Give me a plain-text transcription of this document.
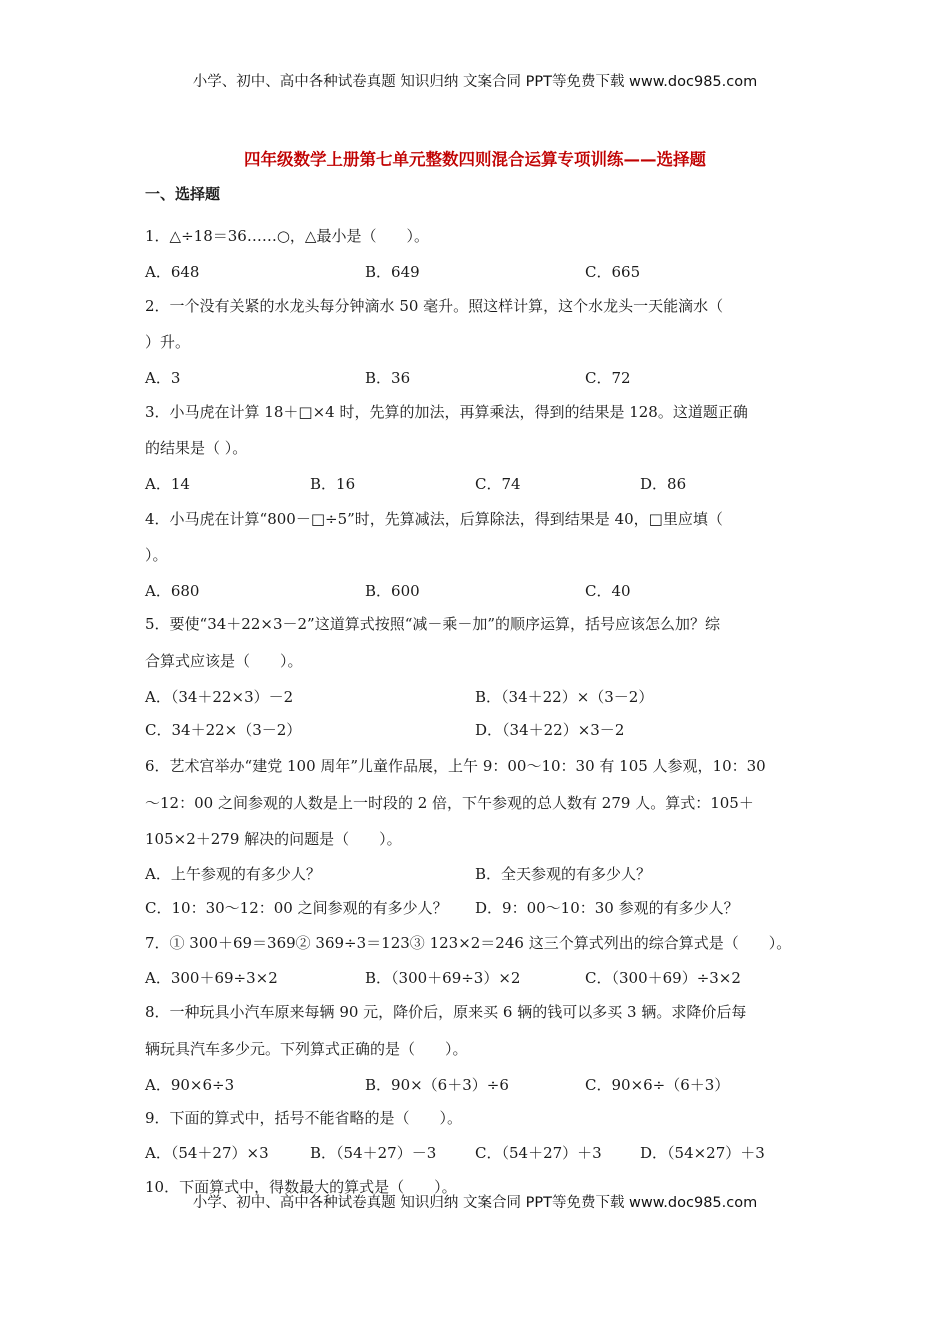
小学、初中、高中各种试卷真题 知识归纳 文案合同 PPT等免费下载 www.doc985.com
四年级数学上册第七单元整数四则混合运算专项训练——选择题
一、选择题
1．△÷18＝36……○，△最小是（　　）。
A．648	B．649	C．665
2．一个没有关紧的水龙头每分钟滴水 50 毫升。照这样计算，这个水龙头一天能滴水（
）升。
A．3	B．36	C．72
3．小马虎在计算 18＋□×4 时，先算的加法，再算乘法，得到的结果是 128。这道题正确
的结果是（ ）。
A．14	B．16	C．74	D．86
4．小马虎在计算“800－□÷5”时，先算减法，后算除法，得到结果是 40，□里应填（
）。
A．680	B．600	C．40
5．要使“34＋22×3－2”这道算式按照“减－乘－加”的顺序运算，括号应该怎么加？综
合算式应该是（　　）。
A．（34＋22×3）－2	B．（34＋22）×（3－2）
C．34＋22×（3－2）	D．（34＋22）×3－2
6．艺术宫举办“建党 100 周年”儿童作品展，上午 9：00～10：30 有 105 人参观，10：30
～12：00 之间参观的人数是上一时段的 2 倍，下午参观的总人数有 279 人。算式：105＋
105×2＋279 解决的问题是（　　）。
A．上午参观的有多少人？	B．全天参观的有多少人？
C．10：30～12：00 之间参观的有多少人？ D．9：00～10：30 参观的有多少人？
7．① 300＋69＝369② 369÷3＝123③ 123×2＝246 这三个算式列出的综合算式是（　　）。
A．300＋69÷3×2	B．（300＋69÷3）×2	C．（300＋69）÷3×2
8．一种玩具小汽车原来每辆 90 元，降价后，原来买 6 辆的钱可以多买 3 辆。求降价后每
辆玩具汽车多少元。下列算式正确的是（　　）。
A．90×6÷3	B．90×（6＋3）÷6	C．90×6÷（6＋3）
9．下面的算式中，括号不能省略的是（　　）。
A．（54＋27）×3	B．（54＋27）－3	C．（54＋27）＋3	D．（54×27）＋3
10．下面算式中，得数最大的算式是（　　）。
小学、初中、高中各种试卷真题 知识归纳 文案合同 PPT等免费下载 www.doc985.com
